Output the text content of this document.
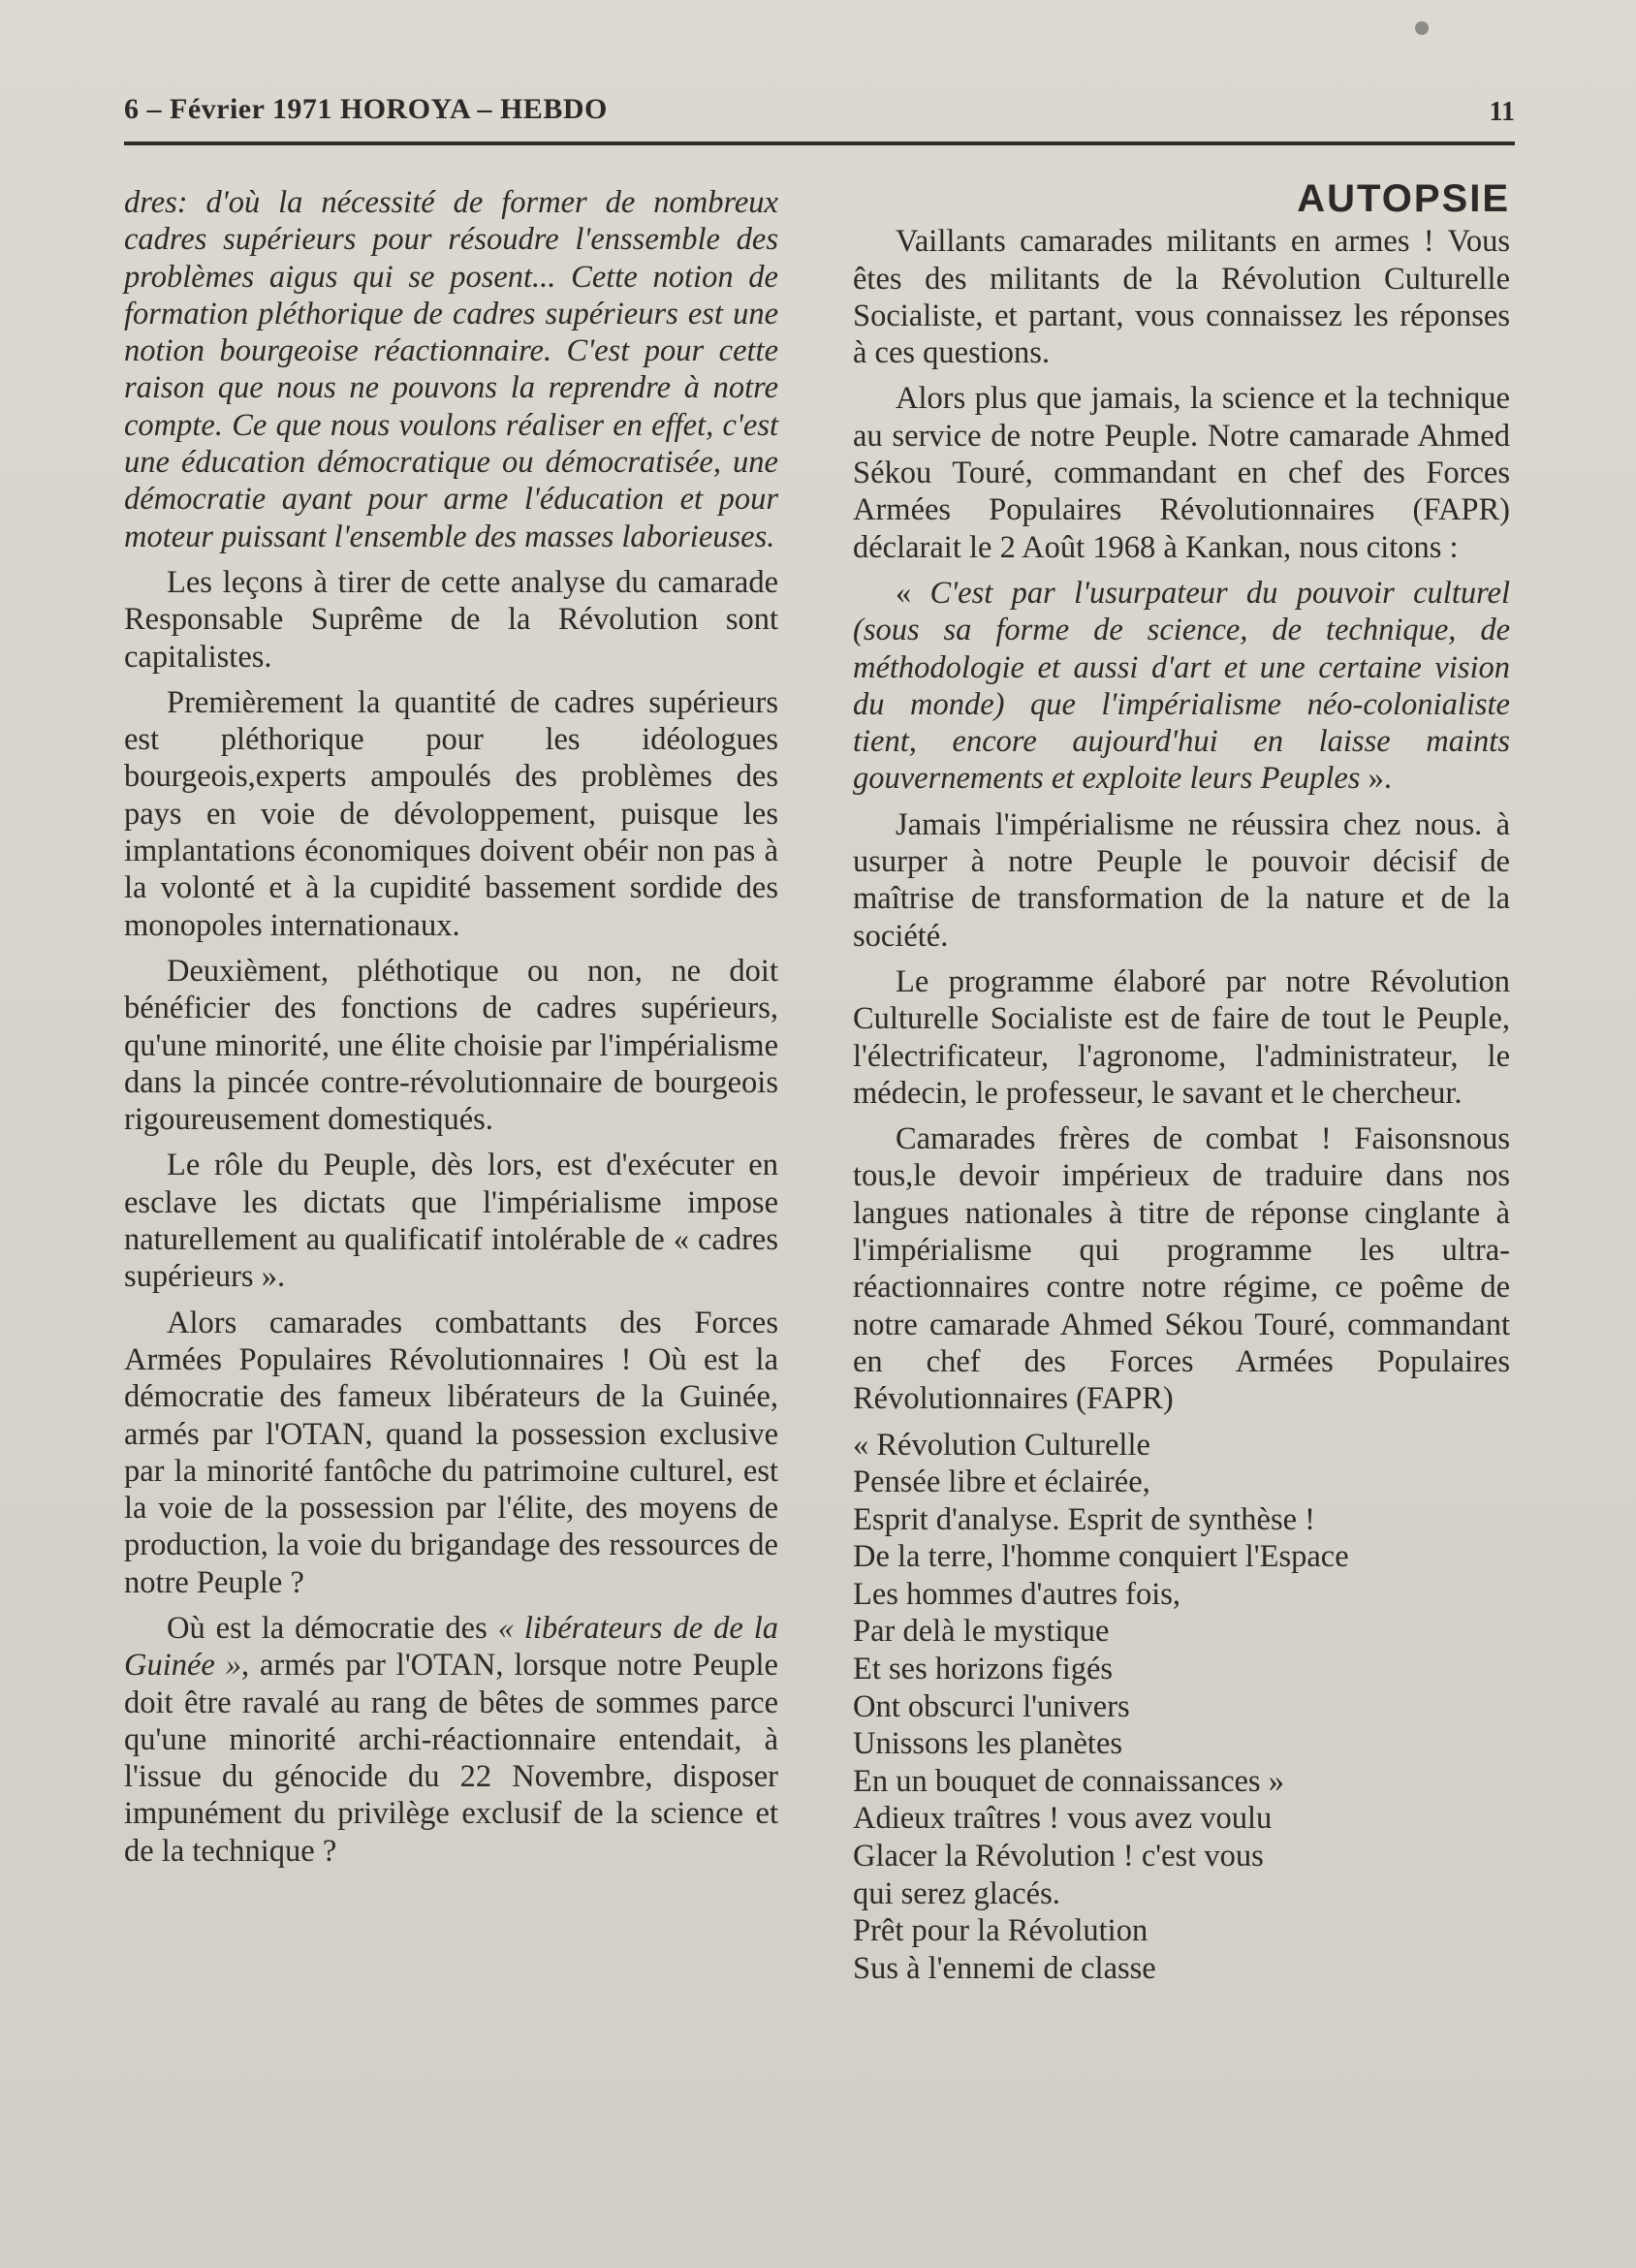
6 – Février 1971 HOROYA – HEBDO	11

dres: d'où la nécessité de former de nombreux cadres supérieurs pour résoudre l'enssemble des problèmes aigus qui se posent... Cette notion de formation pléthorique de cadres supérieurs est une notion bourgeoise réactionnaire. C'est pour cette raison que nous ne pouvons la reprendre à notre compte. Ce que nous voulons réaliser en effet, c'est une éducation démocratique ou démocratisée, une démocratie ayant pour arme l'éducation et pour moteur puissant l'ensemble des masses laborieuses.

Les leçons à tirer de cette analyse du camarade Responsable Suprême de la Révolution sont capitalistes.

Premièrement la quantité de cadres supérieurs est pléthorique pour les idéologues bourgeois,experts ampoulés des problèmes des pays en voie de dévoloppement, puisque les implantations économiques doivent obéir non pas à la volonté et à la cupidité bassement sordide des monopoles internationaux.

Deuxièment, pléthotique ou non, ne doit bénéficier des fonctions de cadres supérieurs, qu'une minorité, une élite choisie par l'impérialisme dans la pincée contre-révolutionnaire de bourgeois rigoureusement domestiqués.

Le rôle du Peuple, dès lors, est d'exécuter en esclave les dictats que l'impérialisme impose naturellement au qualificatif intolérable de « cadres supérieurs ».

Alors camarades combattants des Forces Armées Populaires Révolutionnaires ! Où est la démocratie des fameux libérateurs de la Guinée, armés par l'OTAN, quand la possession exclusive par la minorité fantôche du patrimoine culturel, est la voie de la possession par l'élite, des moyens de production, la voie du brigandage des ressources de notre Peuple ?

Où est la démocratie des « libérateurs de de la Guinée », armés par l'OTAN, lorsque notre Peuple doit être ravalé au rang de bêtes de sommes parce qu'une minorité archi-réactionnaire entendait, à l'issue du génocide du 22 Novembre, disposer impunément du privilège exclusif de la science et de la technique ?

AUTOPSIE

Vaillants camarades militants en armes ! Vous êtes des militants de la Révolution Culturelle Socialiste, et partant, vous connaissez les réponses à ces questions.

Alors plus que jamais, la science et la technique au service de notre Peuple. Notre camarade Ahmed Sékou Touré, commandant en chef des Forces Armées Populaires Révolutionnaires (FAPR) déclarait le 2 Août 1968 à Kankan, nous citons :

« C'est par l'usurpateur du pouvoir culturel (sous sa forme de science, de technique, de méthodologie et aussi d'art et une certaine vision du monde) que l'impérialisme néo-colonialiste tient, encore aujourd'hui en laisse maints gouvernements et exploite leurs Peuples ».

Jamais l'impérialisme ne réussira chez nous. à usurper à notre Peuple le pouvoir décisif de maîtrise de transformation de la nature et de la société.

Le programme élaboré par notre Révolution Culturelle Socialiste est de faire de tout le Peuple, l'électrificateur, l'agronome, l'administrateur, le médecin, le professeur, le savant et le chercheur.

Camarades frères de combat ! Faisonsnous tous,le devoir impérieux de traduire dans nos langues nationales à titre de réponse cinglante à l'impérialisme qui programme les ultra-réactionnaires contre notre régime, ce poême de notre camarade Ahmed Sékou Touré, commandant en chef des Forces Armées Populaires Révolutionnaires (FAPR)

« Révolution Culturelle
Pensée libre et éclairée,
Esprit d'analyse. Esprit de synthèse !
De la terre, l'homme conquiert l'Espace
Les hommes d'autres fois,
Par delà le mystique
Et ses horizons figés
Ont obscurci l'univers
Unissons les planètes
En un bouquet de connaissances »
Adieux traîtres ! vous avez voulu
Glacer la Révolution ! c'est vous
qui serez glacés.
Prêt pour la Révolution
Sus à l'ennemi de classe
